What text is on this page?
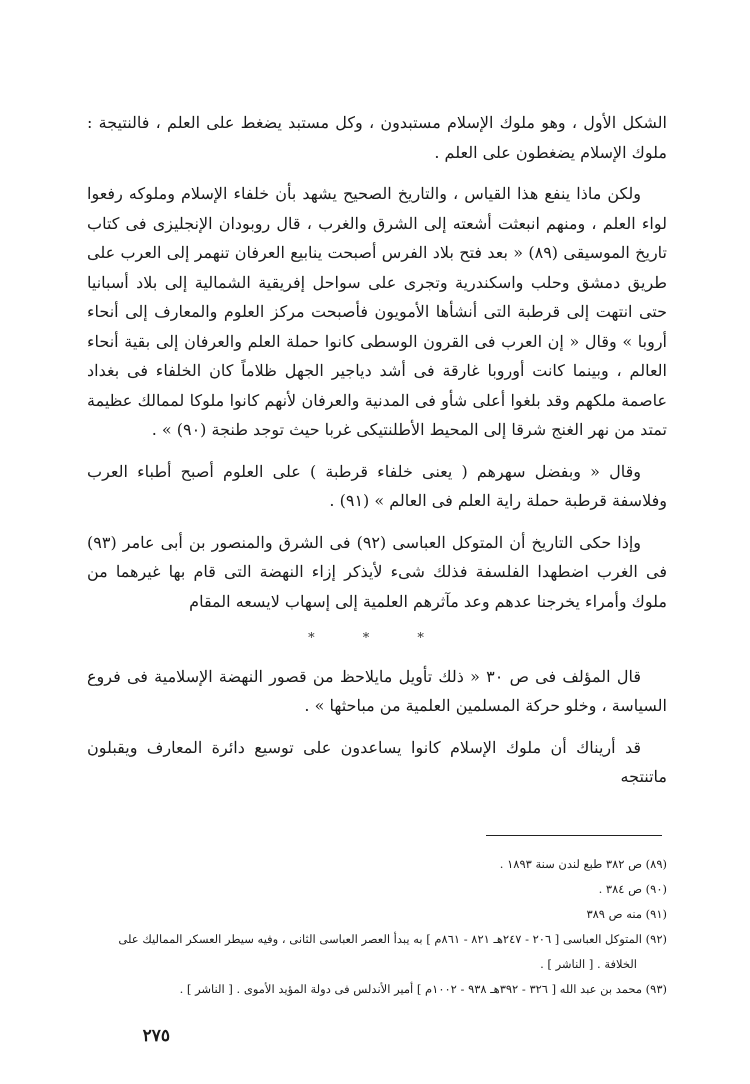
الشكل الأول ، وهو ملوك الإسلام مستبدون ، وكل مستبد يضغط على العلم ، فالنتيجة : ملوك الإسلام يضغطون على العلم .

ولكن ماذا ينفع هذا القياس ، والتاريخ الصحيح يشهد بأن خلفاء الإسلام وملوكه رفعوا لواء العلم ، ومنهم انبعثت أشعته إلى الشرق والغرب ، قال روبودان الإنجليزى فى كتاب تاريخ الموسيقى (٨٩) « بعد فتح بلاد الفرس أصبحت ينابيع العرفان تنهمر إلى العرب على طريق دمشق وحلب واسكندرية وتجرى على سواحل إفريقية الشمالية إلى بلاد أسبانيا حتى انتهت إلى قرطبة التى أنشأها الأمويون فأصبحت مركز العلوم والمعارف إلى أنحاء أروبا » وقال « إن العرب فى القرون الوسطى كانوا حملة العلم والعرفان إلى بقية أنحاء العالم ، وبينما كانت أوروبا غارقة فى أشد دياجير الجهل ظلاماً كان الخلفاء فى بغداد عاصمة ملكهم وقد بلغوا أعلى شأو فى المدنية والعرفان لأنهم كانوا ملوكا لممالك عظيمة تمتد من نهر الغنج شرقا إلى المحيط الأطلنتيكى غربا حيث توجد طنجة (٩٠) » .

وقال « وبفضل سهرهم ( يعنى خلفاء قرطبة ) على العلوم أصبح أطباء العرب وفلاسفة قرطبة حملة راية العلم فى العالم » (٩١) .

وإذا حكى التاريخ أن المتوكل العباسى (٩٢) فى الشرق والمنصور بن أبى عامر (٩٣) فى الغرب اضطهدا الفلسفة فذلك شىء لأيذكر إزاء النهضة التى قام بها غيرهما من ملوك وأمراء يخرجنا عدهم وعد مآثرهم العلمية إلى إسهاب لايسعه المقام

* * *

قال المؤلف فى ص ٣٠ « ذلك تأويل مايلاحظ من قصور النهضة الإسلامية فى فروع السياسة ، وخلو حركة المسلمين العلمية من مباحثها » .

قد أريناك أن ملوك الإسلام كانوا يساعدون على توسيع دائرة المعارف ويقبلون ماتنتجه

(٨٩) ص ٣٨٢ طبع لندن سنة ١٨٩٣ .

(٩٠) ص ٣٨٤ .

(٩١) منه ص ٣٨٩

(٩٢) المتوكل العباسى [ ٢٠٦ - ٢٤٧هـ ٨٢١ - ٨٦١م ] به يبدأ العصر العباسى الثانى ، وفيه سيطر العسكر المماليك على
الخلافة . [ الناشر ] .

(٩٣) محمد بن عبد الله [ ٣٢٦ - ٣٩٢هـ ٩٣٨ - ١٠٠٢م ] أمير الأندلس فى دولة المؤيد الأموى . [ الناشر ] .

٢٧٥
